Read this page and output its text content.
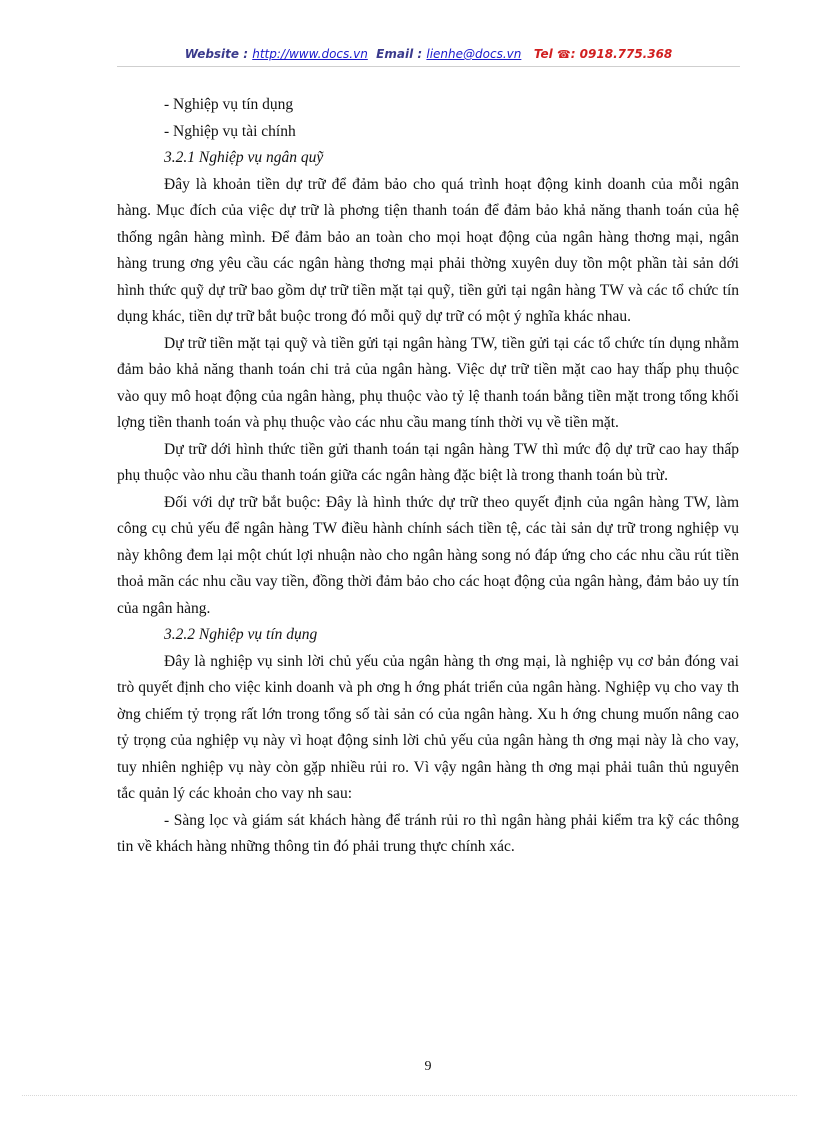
Website : http://www.docs.vn Email : lienhe@docs.vn Tel ☎: 0918.775.368

- Nghiệp vụ tín dụng

- Nghiệp vụ tài chính

3.2.1 Nghiệp vụ ngân quỹ

Đây là khoản tiền dự trữ để đảm bảo cho quá trình hoạt động kinh doanh của mỗi ngân hàng. Mục đích của việc dự trữ là phơng tiện thanh toán để đảm bảo khả năng thanh toán của hệ thống ngân hàng mình. Để đảm bảo an toàn cho mọi hoạt động của ngân hàng thơng mại, ngân hàng trung ơng yêu cầu các ngân hàng thơng mại phải thờng xuyên duy tồn một phần tài sản dới hình thức quỹ dự trữ bao gồm dự trữ tiền mặt tại quỹ, tiền gửi tại ngân hàng TW và các tổ chức tín dụng khác, tiền dự trữ bắt buộc trong đó mỗi quỹ dự trữ có một ý nghĩa khác nhau.

Dự trữ tiền mặt tại quỹ và tiền gửi tại ngân hàng TW, tiền gửi tại các tổ chức tín dụng nhằm đảm bảo khả năng thanh toán chi trả của ngân hàng. Việc dự trữ tiền mặt cao hay thấp phụ thuộc vào quy mô hoạt động của ngân hàng, phụ thuộc vào tỷ lệ thanh toán bằng tiền mặt trong tổng khối lợng tiền thanh toán và phụ thuộc vào các nhu cầu mang tính thời vụ về tiền mặt.

Dự trữ dới hình thức tiền gửi thanh toán tại ngân hàng TW thì mức độ dự trữ cao hay thấp phụ thuộc vào nhu cầu thanh toán giữa các ngân hàng đặc biệt là trong thanh toán bù trừ.

Đối với dự trữ bắt buộc: Đây là hình thức dự trữ theo quyết định của ngân hàng TW, làm công cụ chủ yếu để ngân hàng TW điều hành chính sách tiền tệ, các tài sản dự trữ trong nghiệp vụ này không đem lại một chút lợi nhuận nào cho ngân hàng song nó đáp ứng cho các nhu cầu rút tiền thoả mãn các nhu cầu vay tiền, đồng thời đảm bảo cho các hoạt động của ngân hàng, đảm bảo uy tín của ngân hàng.

3.2.2 Nghiệp vụ tín dụng

Đây là nghiệp vụ sinh lời chủ yếu của ngân hàng th ơng mại, là nghiệp vụ cơ bản đóng vai trò quyết định cho việc kinh doanh và ph ơng h ớng phát triển của ngân hàng. Nghiệp vụ cho vay th ờng chiếm tỷ trọng rất lớn trong tổng số tài sản có của ngân hàng. Xu h ớng chung muốn nâng cao tỷ trọng của nghiệp vụ này vì hoạt động sinh lời chủ yếu của ngân hàng th ơng mại này là cho vay, tuy nhiên nghiệp vụ này còn gặp nhiều rủi ro. Vì vậy ngân hàng th ơng mại phải tuân thủ nguyên tắc quản lý các khoản cho vay nh sau:

- Sàng lọc và giám sát khách hàng để tránh rủi ro thì ngân hàng phải kiểm tra kỹ các thông tin về khách hàng những thông tin đó phải trung thực chính xác.

9
